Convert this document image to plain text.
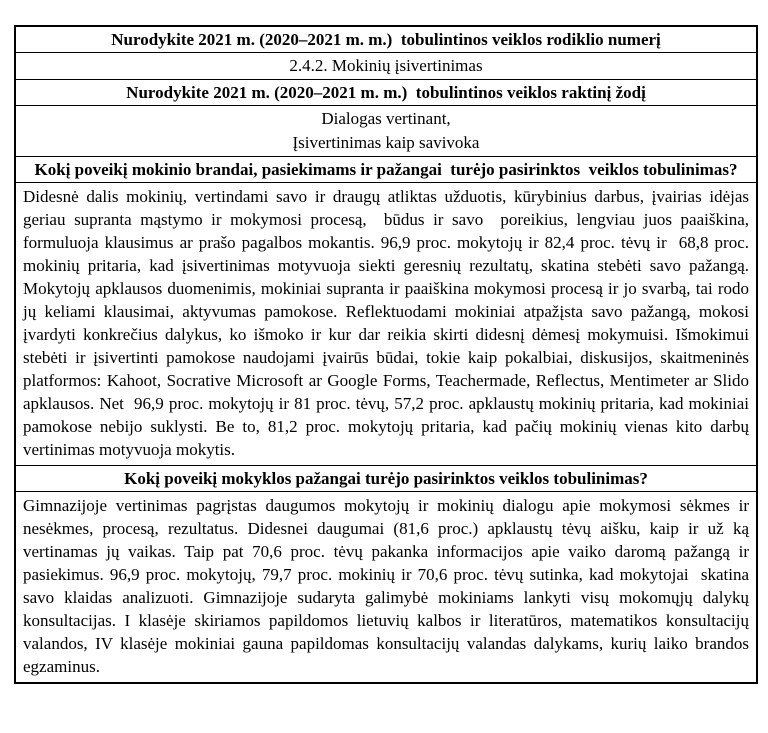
Nurodykite 2021 m. (2020–2021 m. m.)  tobulintinos veiklos rodiklio numerį
2.4.2. Mokinių įsivertinimas
Nurodykite 2021 m. (2020–2021 m. m.)  tobulintinos veiklos raktinį žodį
Dialogas vertinant,
Įsivertinimas kaip savivoka
Kokį poveikį mokinio brandai, pasiekimams ir pažangai  turėjo pasirinktos  veiklos tobulinimas?
Didesnė dalis mokinių, vertindami savo ir draugų atliktas užduotis, kūrybinius darbus, įvairias idėjas geriau supranta mąstymo ir mokymosi procesą,  būdus ir savo  poreikius, lengviau juos paaiškina, formuluoja klausimus ar prašo pagalbos mokantis. 96,9 proc. mokytojų ir 82,4 proc. tėvų ir  68,8 proc. mokinių pritaria, kad įsivertinimas motyvuoja siekti geresnių rezultatų, skatina stebėti savo pažangą. Mokytojų apklausos duomenimis, mokiniai supranta ir paaiškina mokymosi procesą ir jo svarbą, tai rodo jų keliami klausimai, aktyvumas pamokose. Reflektuodami mokiniai atpažįsta savo pažangą, mokosi įvardyti konkrečius dalykus, ko išmoko ir kur dar reikia skirti didesnį dėmesį mokymuisi. Išmokimui stebėti ir įsivertinti pamokose naudojami įvairūs būdai, tokie kaip pokalbiai, diskusijos, skaitmeninės platformos: Kahoot, Socrative Microsoft ar Google Forms, Teachermade, Reflectus, Mentimeter ar Slido apklausos. Net  96,9 proc. mokytojų ir 81 proc. tėvų, 57,2 proc. apklaustų mokinių pritaria, kad mokiniai pamokose nebijo suklysti. Be to, 81,2 proc. mokytojų pritaria, kad pačių mokinių vienas kito darbų vertinimas motyvuoja mokytis.
Kokį poveikį mokyklos pažangai turėjo pasirinktos veiklos tobulinimas?
Gimnazijoje vertinimas pagrįstas daugumos mokytojų ir mokinių dialogu apie mokymosi sėkmes ir nesėkmes, procesą, rezultatus. Didesnei daugumai (81,6 proc.) apklaustų tėvų aišku, kaip ir už ką vertinamas jų vaikas. Taip pat 70,6 proc. tėvų pakanka informacijos apie vaiko daromą pažangą ir pasiekimus. 96,9 proc. mokytojų, 79,7 proc. mokinių ir 70,6 proc. tėvų sutinka, kad mokytojai  skatina savo klaidas analizuoti. Gimnazijoje sudaryta galimybė mokiniams lankyti visų mokomųjų dalykų konsultacijas. I klasėje skiriamos papildomos lietuvių kalbos ir literatūros, matematikos konsultacijų valandos, IV klasėje mokiniai gauna papildomas konsultacijų valandas dalykams, kurių laiko brandos egzaminus.
